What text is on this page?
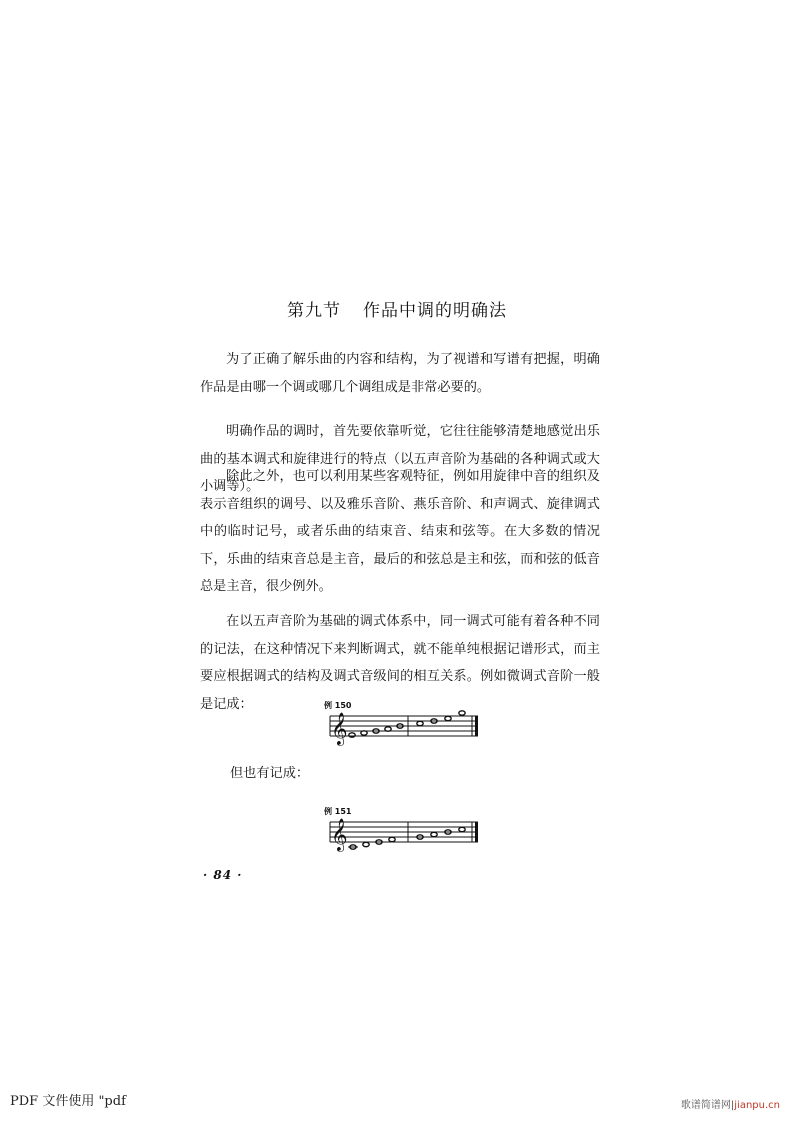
第九节 作品中调的明确法

为了正确了解乐曲的内容和结构，为了视谱和写谱有把握，明确作品是由哪一个调或哪几个调组成是非常必要的。

明确作品的调时，首先要依靠听觉，它往往能够清楚地感觉出乐曲的基本调式和旋律进行的特点（以五声音阶为基础的各种调式或大小调等）。

除此之外，也可以利用某些客观特征，例如用旋律中音的组织及表示音组织的调号、以及雅乐音阶、燕乐音阶、和声调式、旋律调式中的临时记号，或者乐曲的结束音、结束和弦等。在大多数的情况下，乐曲的结束音总是主音，最后的和弦总是主和弦，而和弦的低音总是主音，很少例外。

在以五声音阶为基础的调式体系中，同一调式可能有着各种不同的记法，在这种情况下来判断调式，就不能单纯根据记谱形式，而主要应根据调式的结构及调式音级间的相互关系。例如微调式音阶一般是记成：	例 150
𝄞
但也有记成：
例 151
𝄞
· 84 ·
PDF 文件使用 "pdf	歌谱简谱网|jianpu.cn
